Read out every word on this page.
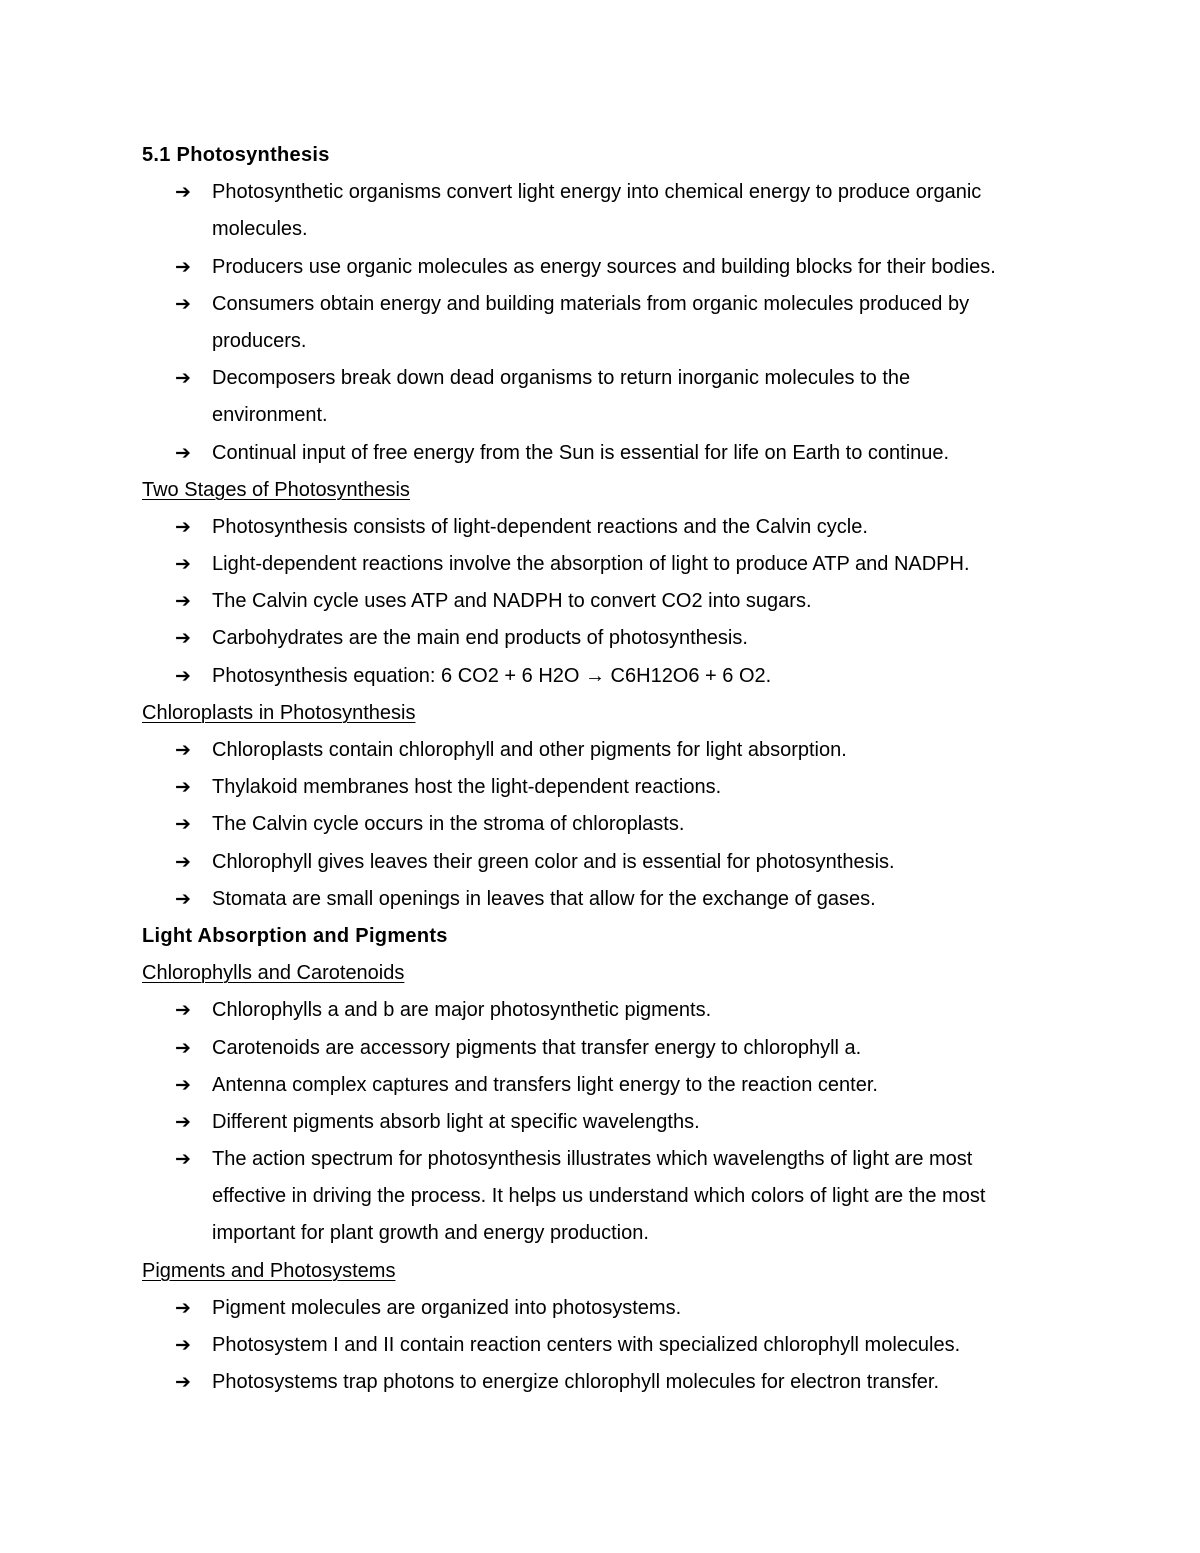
5.1 Photosynthesis
➔	Photosynthetic organisms convert light energy into chemical energy to produce organic
molecules.
➔	Producers use organic molecules as energy sources and building blocks for their bodies.
➔	Consumers obtain energy and building materials from organic molecules produced by
producers.
➔	Decomposers break down dead organisms to return inorganic molecules to the
environment.
➔	Continual input of free energy from the Sun is essential for life on Earth to continue.
Two Stages of Photosynthesis
➔	Photosynthesis consists of light-dependent reactions and the Calvin cycle.
➔	Light-dependent reactions involve the absorption of light to produce ATP and NADPH.
➔	The Calvin cycle uses ATP and NADPH to convert CO2 into sugars.
➔	Carbohydrates are the main end products of photosynthesis.
➔	Photosynthesis equation: 6 CO2 + 6 H2O → C6H12O6 + 6 O2.
Chloroplasts in Photosynthesis
➔	Chloroplasts contain chlorophyll and other pigments for light absorption.
➔	Thylakoid membranes host the light-dependent reactions.
➔	The Calvin cycle occurs in the stroma of chloroplasts.
➔	Chlorophyll gives leaves their green color and is essential for photosynthesis.
➔	Stomata are small openings in leaves that allow for the exchange of gases.
Light Absorption and Pigments
Chlorophylls and Carotenoids
➔	Chlorophylls a and b are major photosynthetic pigments.
➔	Carotenoids are accessory pigments that transfer energy to chlorophyll a.
➔	Antenna complex captures and transfers light energy to the reaction center.
➔	Different pigments absorb light at specific wavelengths.
➔	The action spectrum for photosynthesis illustrates which wavelengths of light are most
effective in driving the process. It helps us understand which colors of light are the most
important for plant growth and energy production.
Pigments and Photosystems
➔	Pigment molecules are organized into photosystems.
➔	Photosystem I and II contain reaction centers with specialized chlorophyll molecules.
➔	Photosystems trap photons to energize chlorophyll molecules for electron transfer.
